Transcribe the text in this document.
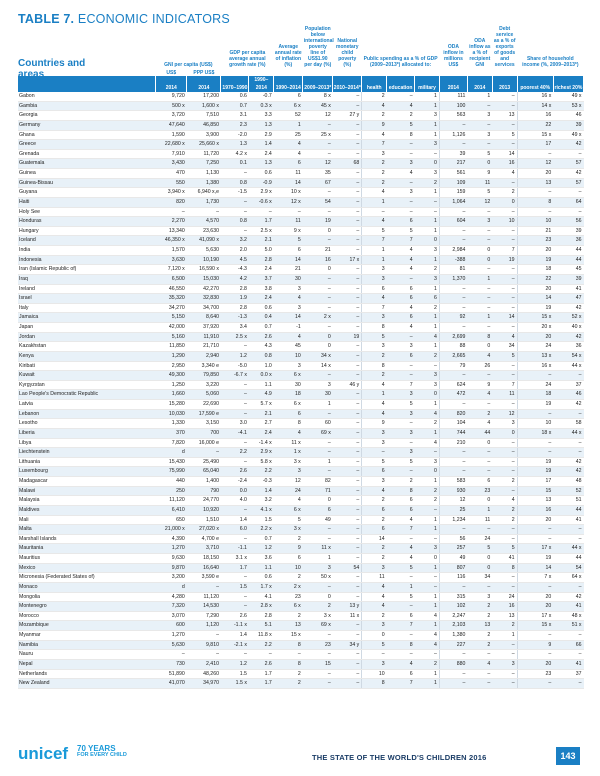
TABLE 7. ECONOMIC INDICATORS
	GNI per capita (US$)		GDP per capita average annual growth rate (%)		Average annual rate of inflation (%)	Population below international poverty line of US$1.90 per day (%)	National monetary child poverty (%)	Public spending as a % of GDP (2009–2013*) allocated to:			ODA inflow in millions US$	ODA inflow as a % of recipient GNI	Debt service as a % of exports of goods and services	Share of household income (%, 2009–2013*)	
	US$	PPP US$													
	2014	2014	1970–1990	1990–2014	1990–2014	2009–2013*	2010–2014*	health	education	military	2014	2014	2013	poorest 40%	richest 20%
Gabon	9,720	17,200	0.6	-0.7	6	8 x	–	2	–	1	111	1	–	16 x	49 x
Gambia	500 x	1,600 x	0.7	0.3 x	6 x	45 x	–	4	4	1	100	–	–	14 x	53 x
Georgia	3,720	7,510	3.1	3.3	52	12	27 y	2	2	3	563	3	13	16	46
Germany	47,640	46,850	2.3	1.3	1	–	–	9	5	1	–	–	–	22	39
Ghana	1,590	3,900	-2.0	2.9	25	25 x	–	4	8	1	1,126	3	5	15 x	49 x
Greece	22,680 x	25,660 x	1.3	1.4	4	–	–	7	–	3	–	–	–	17	42
Grenada	7,910	11,720	4.2 x	2.4	4	–	–	3	–	–	39	5	14	–	–
Guatemala	3,430	7,250	0.1	1.3	6	12	68	2	3	0	217	0	16	12	57
Guinea	470	1,130	–	0.6	11	35	–	2	4	3	561	9	4	20	42
Guinea-Bissau	550	1,380	0.8	-0.9	14	67	–	2	–	2	109	11	–	13	57
Guyana	3,940 x	6,940 x,e	-1.5	2.9 x	10 x	–	–	4	3	1	159	5	2	–	–
Haiti	820	1,730	–	-0.6 x	12 x	54	–	1	–	–	1,064	12	0	8	64
Holy See	–	–	–	–	–	–	–	–	–	–	–	–	–	–	–
Honduras	2,270	4,570	0.8	1.7	11	19	–	4	6	1	604	3	10	10	56
Hungary	13,340	23,630	–	2.5 x	9 x	0	–	5	5	1	–	–	–	21	39
Iceland	46,350 x	41,090 x	3.2	2.1	5	–	–	7	7	0	–	–	–	23	36
India	1,570	5,630	2.0	5.0	6	21	–	1	4	3	2,984	0	7	20	44
Indonesia	3,630	10,190	4.5	2.8	14	16	17 x	1	4	1	-388	0	19	19	44
Iran (Islamic Republic of)	7,120 x	16,590 x	-4.3	2.4	21	0	–	3	4	2	81	–	–	18	45
Iraq	6,500	15,030	4.2	3.7	30	–	–	3	–	3	1,370	1	–	22	39
Ireland	46,550	42,270	2.8	3.8	3	–	–	6	6	1	–	–	–	20	41
Israel	35,320	32,830	1.9	2.4	4	–	–	4	6	6	–	–	–	14	47
Italy	34,270	34,700	2.8	0.6	3	–	–	7	4	2	–	–	–	19	42
Jamaica	5,150	8,640	-1.3	0.4	14	2 x	–	3	6	1	92	1	14	15 x	52 x
Japan	42,000	37,920	3.4	0.7	-1	–	–	8	4	1	–	–	–	20 x	40 x
Jordan	5,160	11,910	2.5 x	2.6	4	0	19	5	–	4	2,699	8	4	20	42
Kazakhstan	11,850	21,710	–	4.3	45	0	–	3	3	1	88	0	34	24	36
Kenya	1,290	2,940	1.2	0.8	10	34 x	–	2	6	2	2,665	4	5	13 x	54 x
Kiribati	2,950	3,340 e	-5.0	1.0	3	14 x	–	8	–	–	79	26	–	16 x	44 x
Kuwait	49,300	79,850	-6.7 x	0.0 x	6 x	–	–	2	–	3	–	–	–	–	–
Kyrgyzstan	1,250	3,220	–	1.1	30	3	46 y	4	7	3	624	9	7	24	37
Lao People's Democratic Republic	1,660	5,060	–	4.9	18	30	–	1	3	0	472	4	11	18	46
Latvia	15,280	22,690	–	5.7 x	6 x	1	–	4	5	1	–	–	–	19	42
Lebanon	10,030	17,590 e	–	2.1	6	–	–	4	3	4	820	2	12	–	–
Lesotho	1,330	3,150	3.0	2.7	8	60	–	9	–	2	104	4	3	10	58
Liberia	370	700	-4.1	2.4	4	69 x	–	3	3	1	744	44	0	18 x	44 x
Libya	7,820	16,000 e	–	-1.4 x	11 x	–	–	3	–	4	210	0	–	–	–
Liechtenstein	d	–	2.2	2.9 x	1 x	–	–	–	3	–	–	–	–	–	–
Lithuania	15,430	25,490	–	5.8 x	3 x	1	–	5	5	3	–	–	–	19	42
Luxembourg	75,990	65,040	2.6	2.2	3	–	–	6	–	0	–	–	–	19	42
Madagascar	440	1,400	-2.4	-0.3	12	82	–	3	2	1	583	6	2	17	48
Malawi	250	790	0.0	1.4	24	71	–	4	8	2	930	23	–	15	52
Malaysia	11,120	24,770	4.0	3.2	4	0	–	2	6	2	12	0	4	13	51
Maldives	6,410	10,920	–	4.1 x	6 x	6	–	6	6	–	25	1	2	16	44
Mali	650	1,510	1.4	1.5	5	49	–	2	4	1	1,234	11	2	20	41
Malta	21,000 x	27,020 x	6.0	2.2 x	3 x	–	–	6	7	1	–	–	–	–	–
Marshall Islands	4,390	4,700 e	–	0.7	2	–	–	14	–	–	56	24	–	–	–
Mauritania	1,270	3,710	-1.1	1.2	9	11 x	–	2	4	3	257	5	5	17 x	44 x
Mauritius	9,630	18,150	3.1 x	3.6	6	1	–	2	4	0	49	0	41	19	44
Mexico	9,870	16,640	1.7	1.1	10	3	54	3	5	1	807	0	8	14	54
Micronesia (Federated States of)	3,200	3,590 e	–	0.6	2	50 x	–	11	–	–	116	34	–	7 x	64 x
Monaco	d	–	1.5	1.7 x	2 x	–	–	4	1	–	–	–	–	–	–
Mongolia	4,280	11,120	–	4.1	23	0	–	4	5	1	315	3	24	20	42
Montenegro	7,320	14,530	–	2.8 x	6 x	2	13 y	4	–	1	102	2	16	20	41
Morocco	3,070	7,290	2.6	2.8	2	3 x	11 x	2	6	4	2,247	2	13	17 x	48 x
Mozambique	600	1,120	-1.1 x	5.1	13	69 x	–	3	7	1	2,103	13	2	15 x	51 x
Myanmar	1,270	–	1.4	11.8 x	15 x	–	–	0	–	4	1,380	2	1	–	–
Namibia	5,630	9,810	-2.1 x	2.2	8	23	34 y	5	8	4	227	2	–	9	66
Nauru	–	–	–	–	–	–	–	–	–	–	–	–	–	–	–
Nepal	730	2,410	1.2	2.6	8	15	–	3	4	2	880	4	3	20	41
Netherlands	51,890	48,260	1.5	1.7	2	–	–	10	6	1	–	–	–	23	37
New Zealand	41,070	34,970	1.5 x	1.7	2	–	–	8	7	1	–	–	–	–	–
Countries and areas
unicef 70 YEARS
FOR EVERY CHILD	THE STATE OF THE WORLD'S CHILDREN 2016	143
